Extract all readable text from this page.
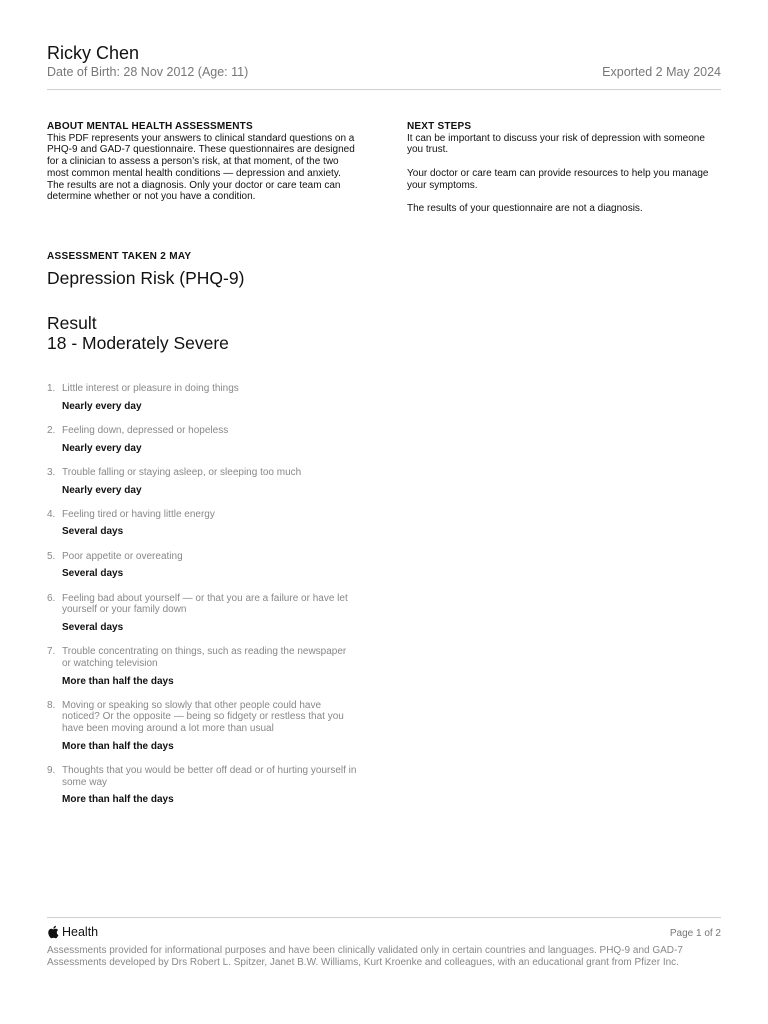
Ricky Chen
Date of Birth: 28 Nov 2012 (Age: 11)	Exported 2 May 2024
ABOUT MENTAL HEALTH ASSESSMENTS

This PDF represents your answers to clinical standard questions on a PHQ-9 and GAD-7 questionnaire. These questionnaires are designed for a clinician to assess a person’s risk, at that moment, of the two most common mental health conditions — depression and anxiety. The results are not a diagnosis. Only your doctor or care team can determine whether or not you have a condition.

NEXT STEPS

It can be important to discuss your risk of depression with someone you trust.

Your doctor or care team can provide resources to help you manage your symptoms.

The results of your questionnaire are not a diagnosis.

ASSESSMENT TAKEN 2 MAY
Depression Risk (PHQ-9)
Result
18 - Moderately Severe
1. Little interest or pleasure in doing things
Nearly every day
2. Feeling down, depressed or hopeless
Nearly every day
3. Trouble falling or staying asleep, or sleeping too much
Nearly every day
4. Feeling tired or having little energy
Several days
5. Poor appetite or overeating
Several days
6. Feeling bad about yourself — or that you are a failure or have let yourself or your family down
Several days
7. Trouble concentrating on things, such as reading the newspaper or watching television
More than half the days
8. Moving or speaking so slowly that other people could have noticed? Or the opposite — being so fidgety or restless that you have been moving around a lot more than usual
More than half the days
9. Thoughts that you would be better off dead or of hurting yourself in some way
More than half the days
Health	Page 1 of 2

Assessments provided for informational purposes and have been clinically validated only in certain countries and languages. PHQ-9 and GAD-7 Assessments developed by Drs Robert L. Spitzer, Janet B.W. Williams, Kurt Kroenke and colleagues, with an educational grant from Pfizer Inc.
